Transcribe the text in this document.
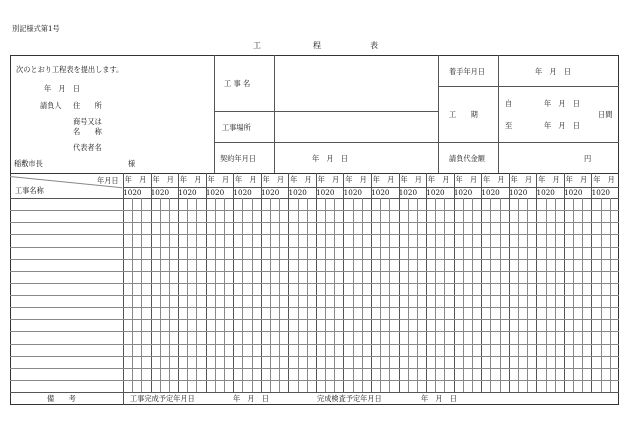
別記様式第1号
工	程	表
次のとおり工程表を提出します。
年　月　日
請負人 住　　所
商号又は
名　　称
代表者名
稲敷市長	様
工 事 名
工事場所
契約年月日	年　月　日
着手年月日	年　月　日
工　　期
自	年　月　日
至	年　月　日
日間
請負代金額	円
年月日
工事名称
年　月 年　月 年　月 年　月 年　月 年　月 年　月 年　月 年　月 年　月 年　月 年　月 年　月 年　月 年　月 年　月 年　月 年　月
10 20 10 20 10 20 10 20 10 20 10 20 10 20 10 20 10 20 10 20 10 20 10 20 10 20 10 20 10 20 10 20 10 20 10 20
備　　考	工事完成予定年月日	年　月　日	完成検査予定年月日	年　月　日
